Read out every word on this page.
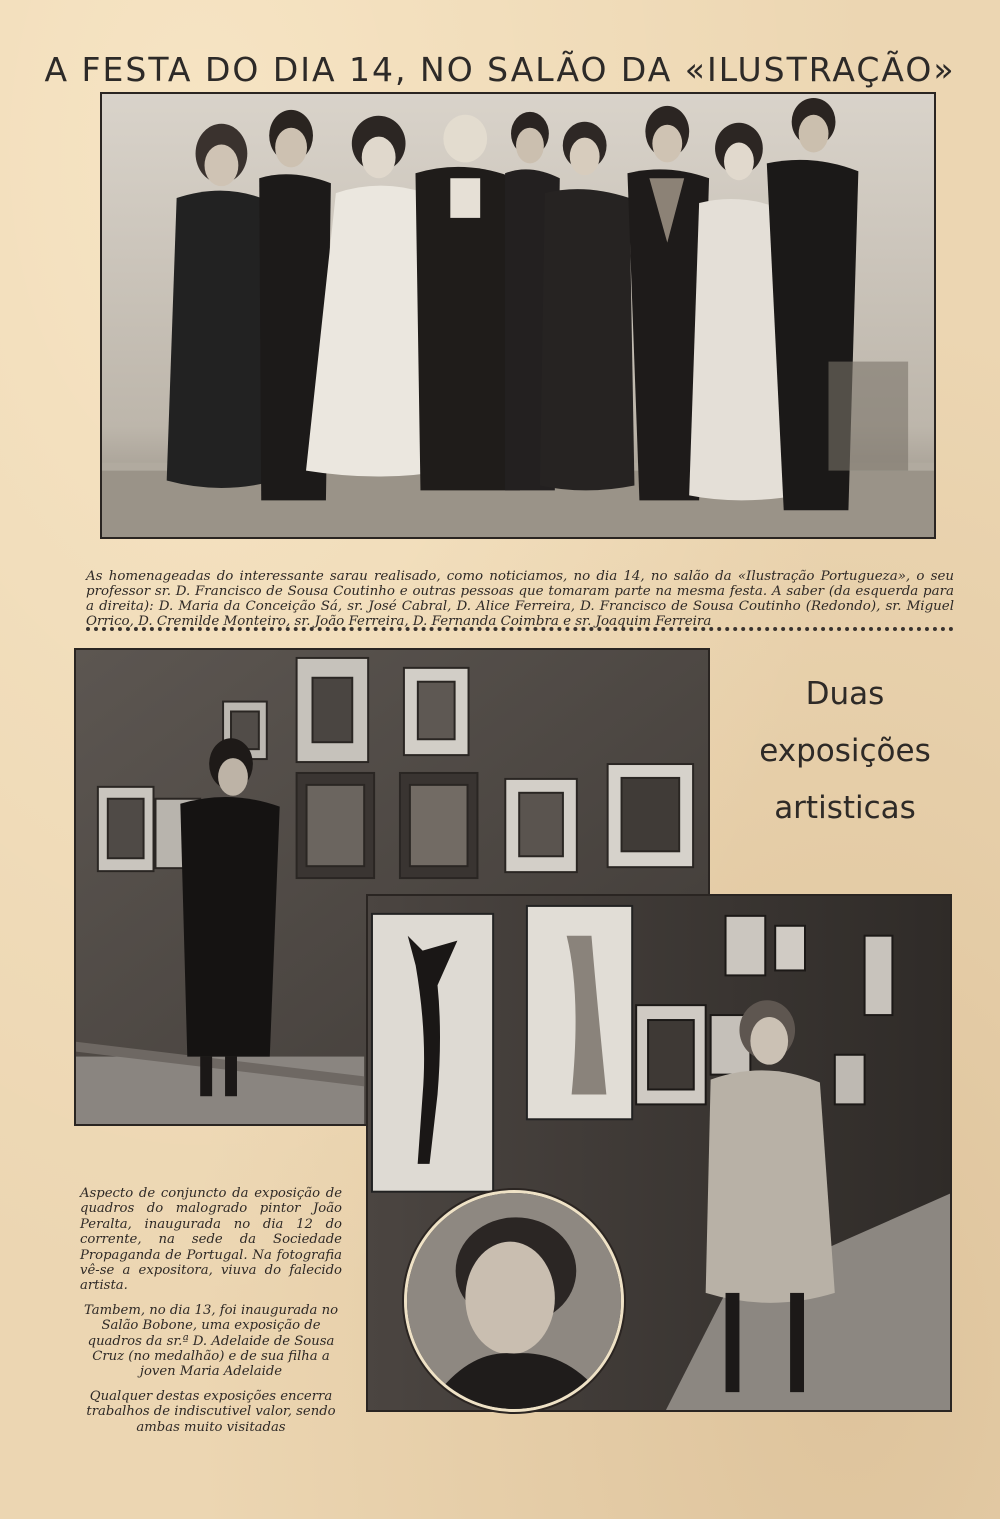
A FESTA DO DIA 14, NO SALÃO DA «ILUSTRAÇÃO»

As homenageadas do interessante sarau realisado, como noticiamos, no dia 14, no salão da «Ilustração Portugueza», o seu professor sr. D. Francisco de Sousa Coutinho e outras pessoas que tomaram parte na mesma festa. A saber (da esquerda para a direita): D. Maria da Conceição Sá, sr. José Cabral, D. Alice Ferreira, D. Francisco de Sousa Coutinho (Redondo), sr. Miguel Orrico, D. Cremilde Monteiro, sr. João Ferreira, D. Fernanda Coimbra e sr. Joaquim Ferreira

Duas
exposições
artisticas

Aspecto de conjuncto da exposição de quadros do malogrado pintor João Peralta, inaugurada no dia 12 do corrente, na sede da Sociedade Propaganda de Portugal. Na fotografia vê-se a expositora, viuva do falecido artista.

Tambem, no dia 13, foi inaugurada no Salão Bobone, uma exposição de quadros da sr.ª D. Adelaide de Sousa Cruz (no medalhão) e de sua filha a joven Maria Adelaide

Qualquer destas exposições encerra trabalhos de indiscutivel valor, sendo ambas muito visitadas
